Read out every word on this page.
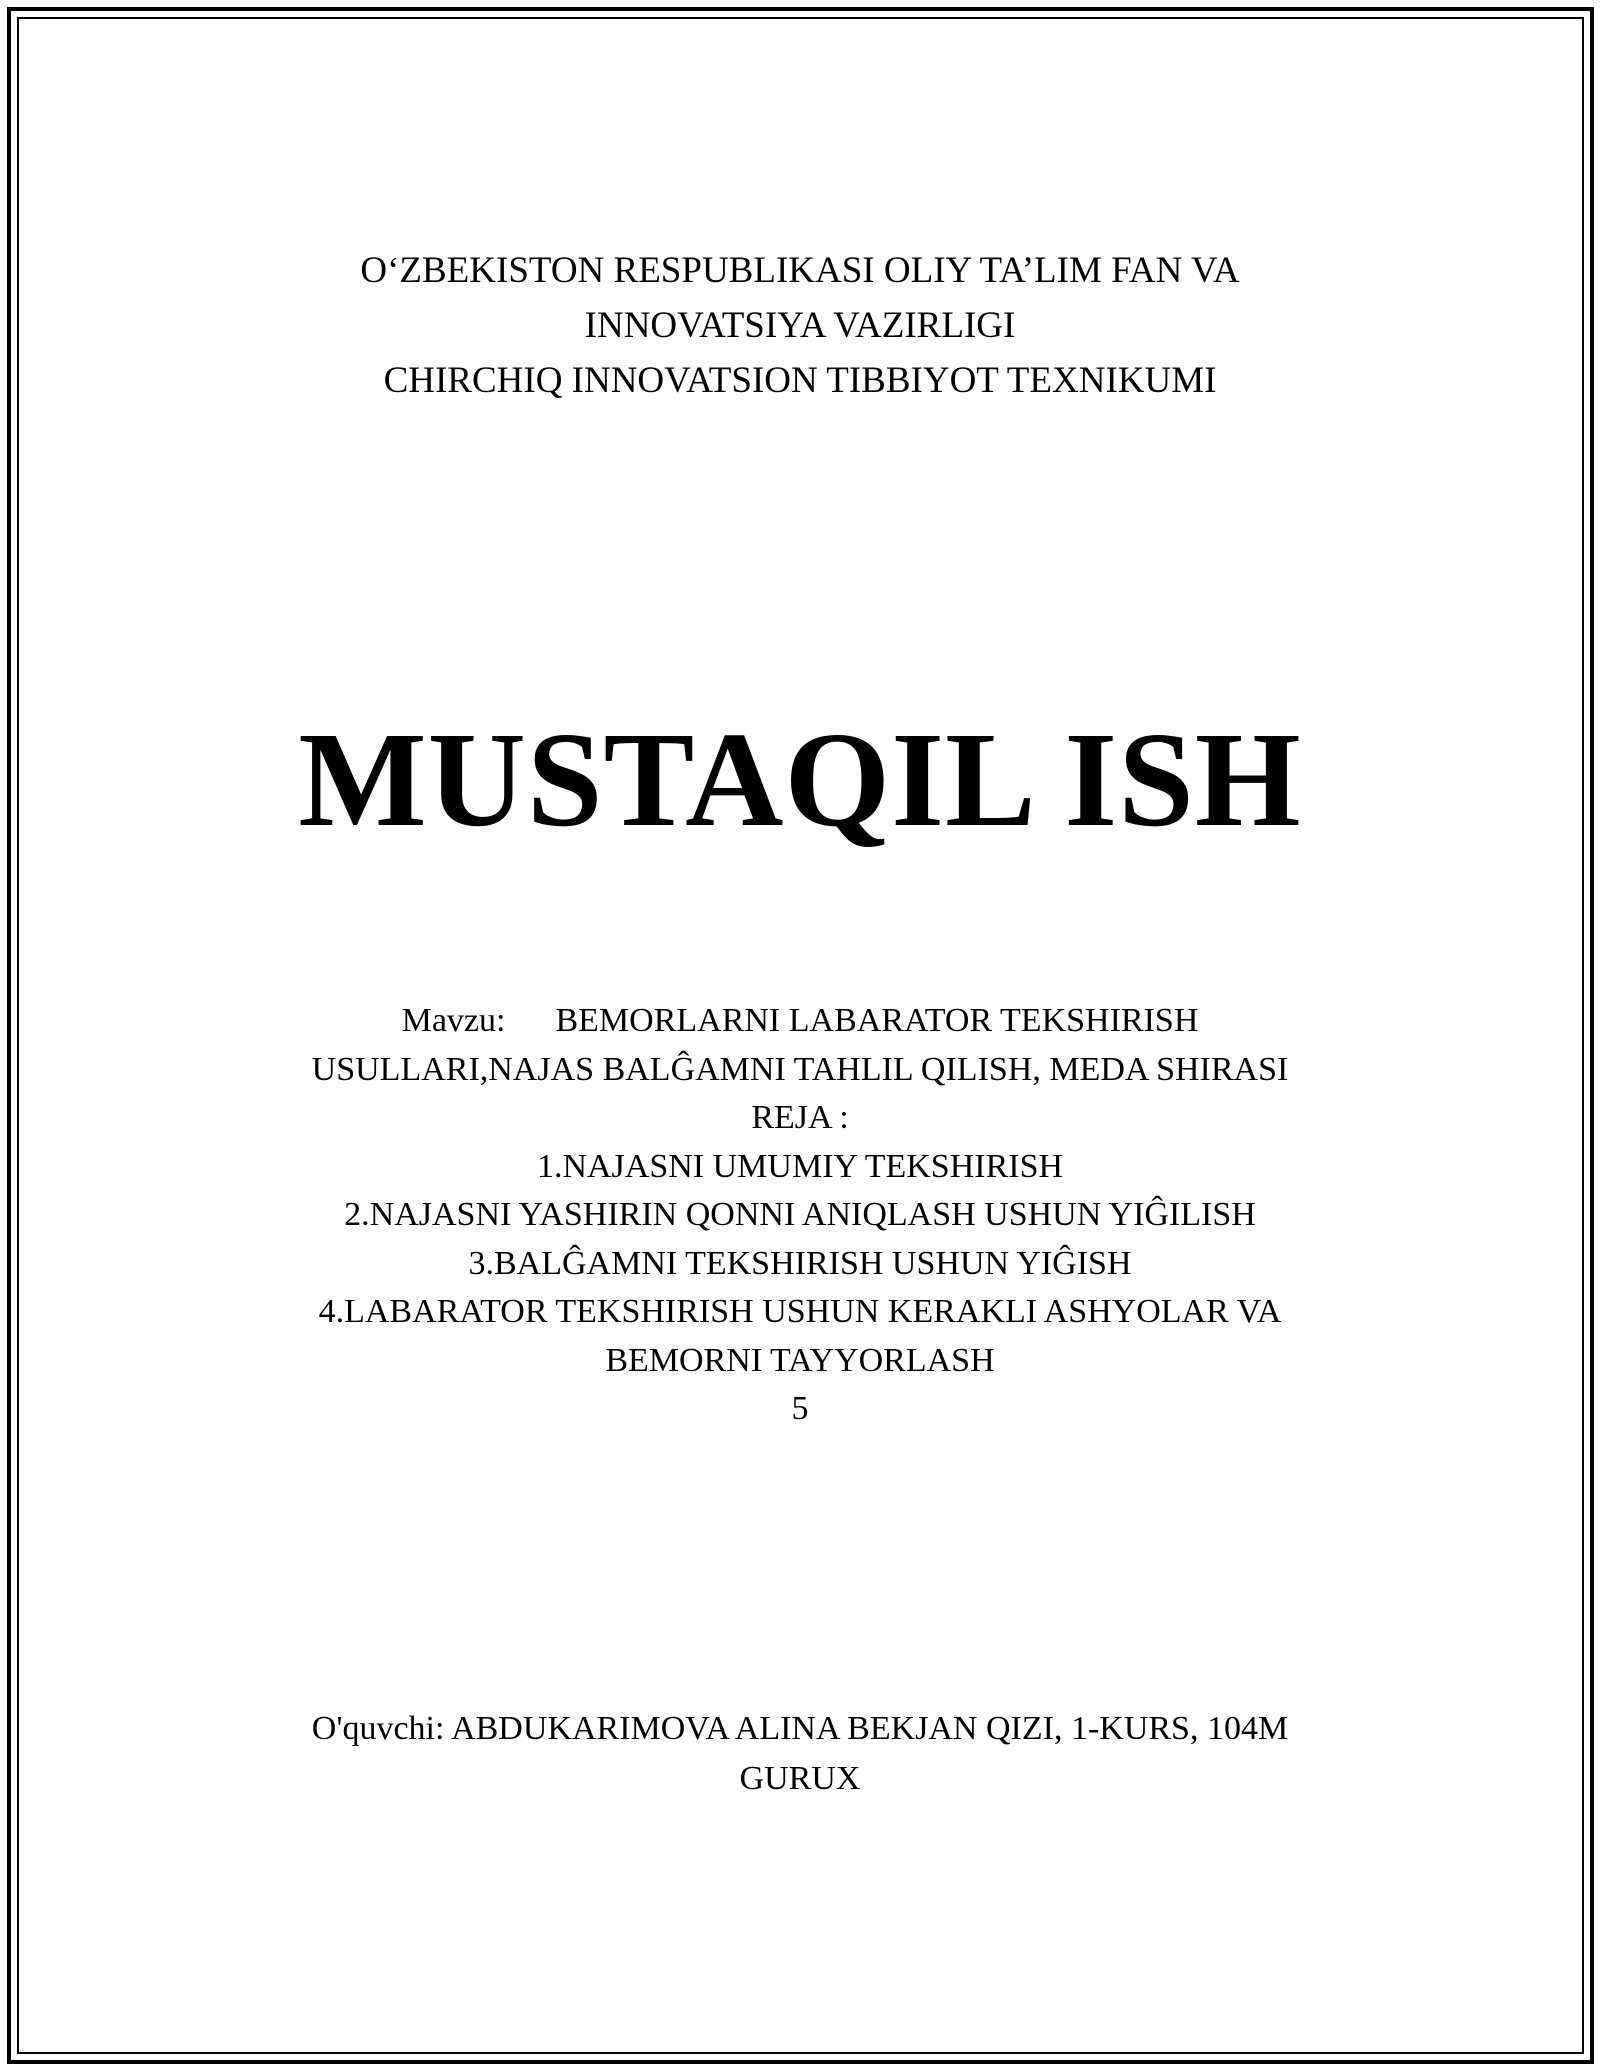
O‘ZBEKISTON RESPUBLIKASI OLIY TA’LIM FAN VA
INNOVATSIYA VAZIRLIGI
CHIRCHIQ INNOVATSION TIBBIYOT TEXNIKUMI
MUSTAQIL ISH
Mavzu: BEMORLARNI LABARATOR TEKSHIRISH
USULLARI,NAJAS BALĜAMNI TAHLIL QILISH, MEDA SHIRASI
REJA :
1.NAJASNI UMUMIY TEKSHIRISH
2.NAJASNI YASHIRIN QONNI ANIQLASH USHUN YIĜILISH
3.BALĜAMNI TEKSHIRISH USHUN YIĜISH
4.LABARATOR TEKSHIRISH USHUN KERAKLI ASHYOLAR VA
BEMORNI TAYYORLASH
5
O'quvchi: ABDUKARIMOVA ALINA BEKJAN QIZI, 1-KURS, 104M
GURUX
